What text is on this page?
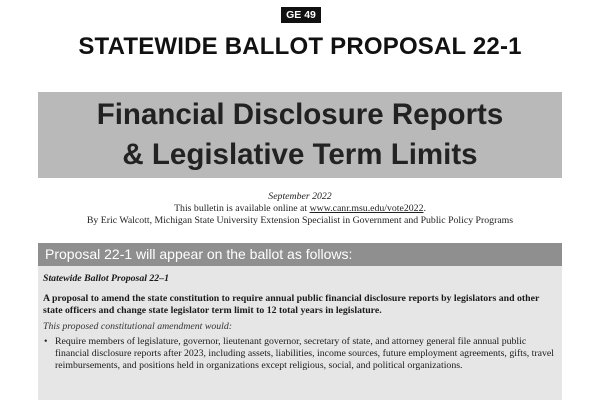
GE 49
STATEWIDE BALLOT PROPOSAL 22-1
Financial Disclosure Reports
& Legislative Term Limits
September 2022
This bulletin is available online at www.canr.msu.edu/vote2022.
By Eric Walcott, Michigan State University Extension Specialist in Government and Public Policy Programs
Proposal 22-1 will appear on the ballot as follows:
Statewide Ballot Proposal 22–1
A proposal to amend the state constitution to require annual public financial disclosure reports by legislators and other state officers and change state legislator term limit to 12 total years in legislature.
This proposed constitutional amendment would:
• Require members of legislature, governor, lieutenant governor, secretary of state, and attorney general file annual public financial disclosure reports after 2023, including assets, liabilities, income sources, future employment agreements, gifts, travel reimbursements, and positions held in organizations except religious, social, and political organizations.
